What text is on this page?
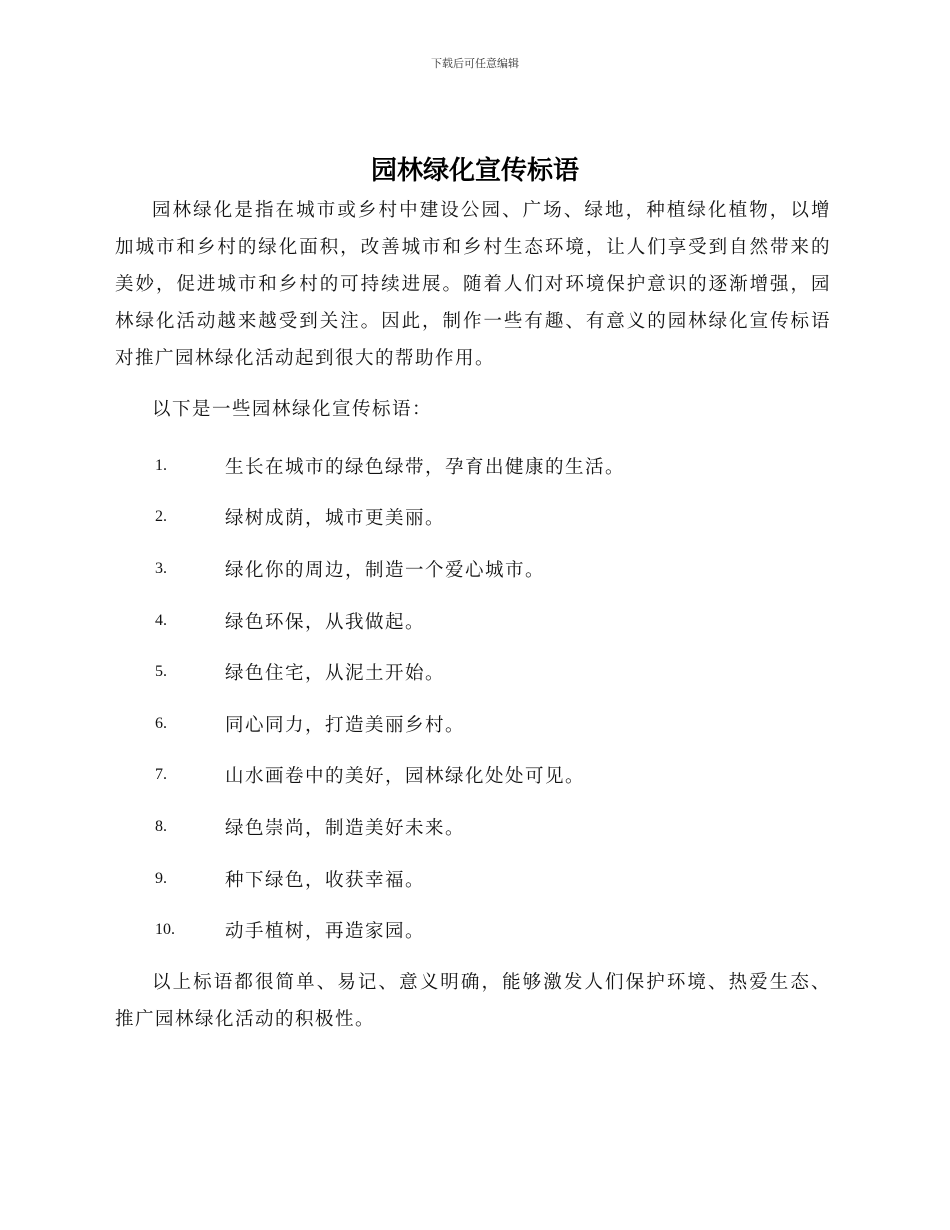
下载后可任意编辑
园林绿化宣传标语

园林绿化是指在城市或乡村中建设公园、广场、绿地，种植绿化植物，以增加城市和乡村的绿化面积，改善城市和乡村生态环境，让人们享受到自然带来的美妙，促进城市和乡村的可持续进展。随着人们对环境保护意识的逐渐增强，园林绿化活动越来越受到关注。因此，制作一些有趣、有意义的园林绿化宣传标语对推广园林绿化活动起到很大的帮助作用。

以下是一些园林绿化宣传标语：

1.	生长在城市的绿色绿带，孕育出健康的生活。
2.	绿树成荫，城市更美丽。
3.	绿化你的周边，制造一个爱心城市。
4.	绿色环保，从我做起。
5.	绿色住宅，从泥土开始。
6.	同心同力，打造美丽乡村。
7.	山水画卷中的美好，园林绿化处处可见。
8.	绿色崇尚，制造美好未来。
9.	种下绿色，收获幸福。
10.	动手植树，再造家园。

以上标语都很简单、易记、意义明确，能够激发人们保护环境、热爱生态、推广园林绿化活动的积极性。
